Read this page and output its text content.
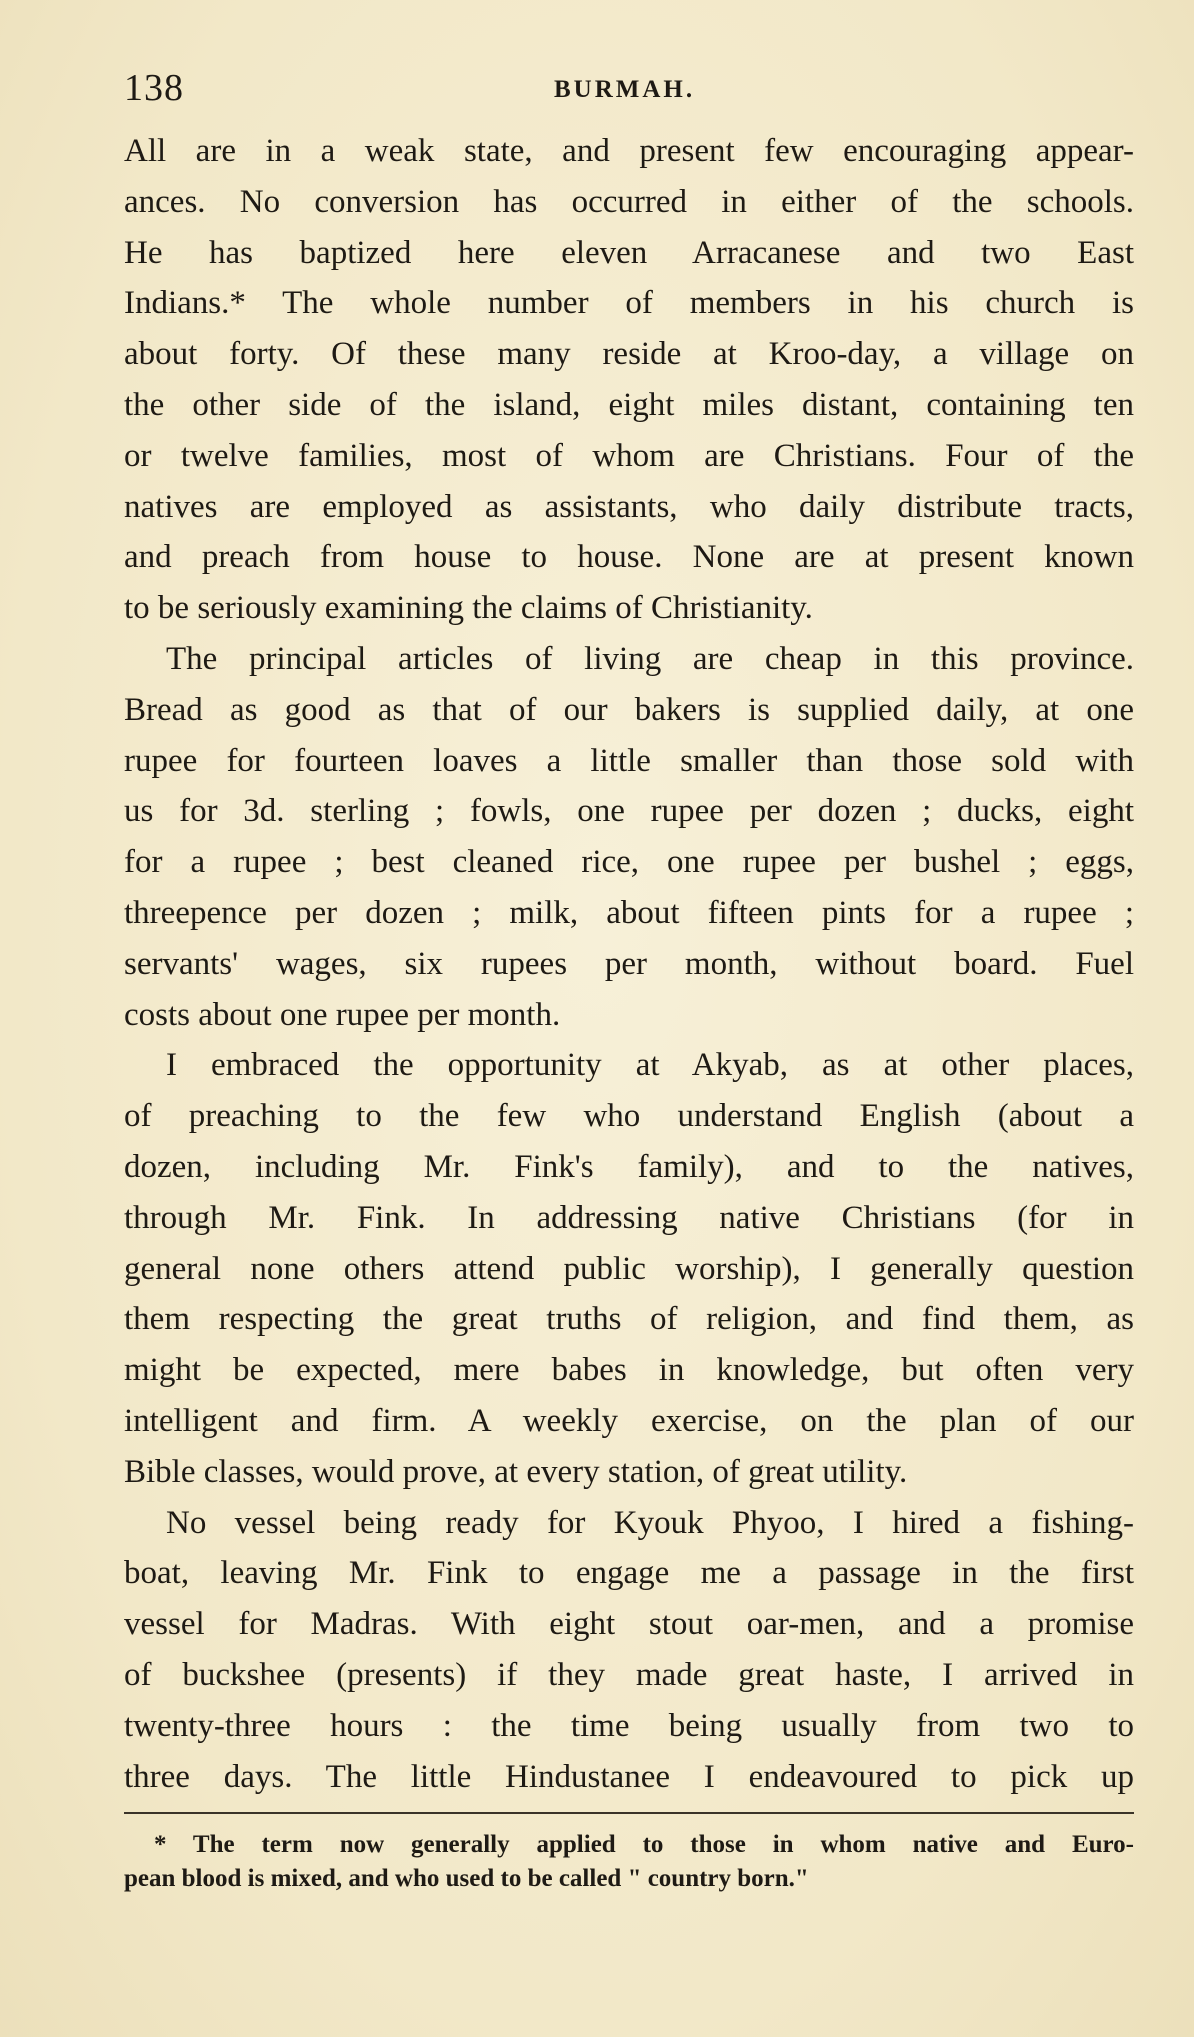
138	BURMAH.
All are in a weak state, and present few encouraging appear-
ances. No conversion has occurred in either of the schools.
He has baptized here eleven Arracanese and two East
Indians.* The whole number of members in his church is
about forty. Of these many reside at Kroo-day, a village on
the other side of the island, eight miles distant, containing ten
or twelve families, most of whom are Christians. Four of the
natives are employed as assistants, who daily distribute tracts,
and preach from house to house. None are at present known
to be seriously examining the claims of Christianity.
The principal articles of living are cheap in this province.
Bread as good as that of our bakers is supplied daily, at one
rupee for fourteen loaves a little smaller than those sold with
us for 3d. sterling ; fowls, one rupee per dozen ; ducks, eight
for a rupee ; best cleaned rice, one rupee per bushel ; eggs,
threepence per dozen ; milk, about fifteen pints for a rupee ;
servants' wages, six rupees per month, without board. Fuel
costs about one rupee per month.
I embraced the opportunity at Akyab, as at other places,
of preaching to the few who understand English (about a
dozen, including Mr. Fink's family), and to the natives,
through Mr. Fink. In addressing native Christians (for in
general none others attend public worship), I generally question
them respecting the great truths of religion, and find them, as
might be expected, mere babes in knowledge, but often very
intelligent and firm. A weekly exercise, on the plan of our
Bible classes, would prove, at every station, of great utility.
No vessel being ready for Kyouk Phyoo, I hired a fishing-
boat, leaving Mr. Fink to engage me a passage in the first
vessel for Madras. With eight stout oar-men, and a promise
of buckshee (presents) if they made great haste, I arrived in
twenty-three hours : the time being usually from two to
three days. The little Hindustanee I endeavoured to pick up
* The term now generally applied to those in whom native and Euro-
pean blood is mixed, and who used to be called " country born."
